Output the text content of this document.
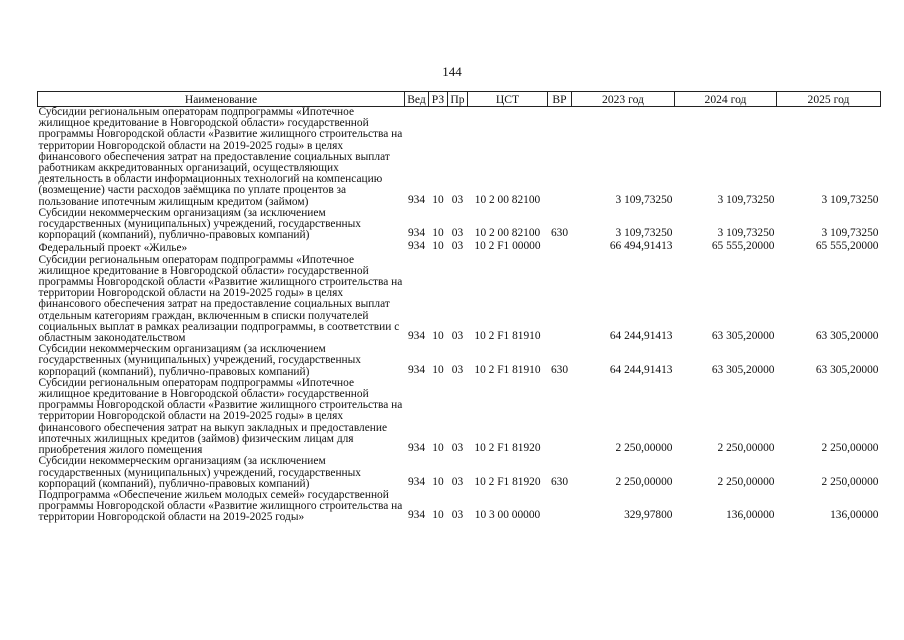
144
Наименование	Вед	РЗ	Пр	ЦСТ	ВР	2023 год	2024 год	2025 год
Субсидии региональным операторам подпрограммы «Ипотечное жилищное кредитование в Новгородской области» государственной программы Новгородской области «Развитие жилищного строительства на территории Новгородской области на 2019-2025 годы» в целях финансового обеспечения затрат на предоставление социальных выплат работникам аккредитованных организаций, осуществляющих деятельность в области информационных технологий на компенсацию (возмещение) части расходов заёмщика по уплате процентов за пользование ипотечным жилищным кредитом (займом)	934	10	03	10 2 00 82100		3 109,73250	3 109,73250	3 109,73250
Субсидии некоммерческим организациям (за исключением государственных (муниципальных) учреждений, государственных корпораций (компаний), публично-правовых компаний)	934	10	03	10 2 00 82100	630	3 109,73250	3 109,73250	3 109,73250
Федеральный проект «Жилье»	934	10	03	10 2 F1 00000		66 494,91413	65 555,20000	65 555,20000
Субсидии региональным операторам подпрограммы «Ипотечное жилищное кредитование в Новгородской области» государственной программы Новгородской области «Развитие жилищного строительства на территории Новгородской области на 2019-2025 годы» в целях финансового обеспечения затрат на предоставление социальных выплат отдельным категориям граждан, включенным в списки получателей социальных выплат в рамках реализации подпрограммы, в соответствии с областным законодательством	934	10	03	10 2 F1 81910		64 244,91413	63 305,20000	63 305,20000
Субсидии некоммерческим организациям (за исключением государственных (муниципальных) учреждений, государственных корпораций (компаний), публично-правовых компаний)	934	10	03	10 2 F1 81910	630	64 244,91413	63 305,20000	63 305,20000
Субсидии региональным операторам подпрограммы «Ипотечное жилищное кредитование в Новгородской области» государственной программы Новгородской области «Развитие жилищного строительства на территории Новгородской области на 2019-2025 годы» в целях финансового обеспечения затрат на выкуп закладных и предоставление ипотечных жилищных кредитов (займов) физическим лицам для приобретения жилого помещения	934	10	03	10 2 F1 81920		2 250,00000	2 250,00000	2 250,00000
Субсидии некоммерческим организациям (за исключением государственных (муниципальных) учреждений, государственных корпораций (компаний), публично-правовых компаний)	934	10	03	10 2 F1 81920	630	2 250,00000	2 250,00000	2 250,00000
Подпрограмма «Обеспечение жильем молодых семей» государственной программы Новгородской области «Развитие жилищного строительства на территории Новгородской области на 2019-2025 годы»	934	10	03	10 3 00 00000		329,97800	136,00000	136,00000
